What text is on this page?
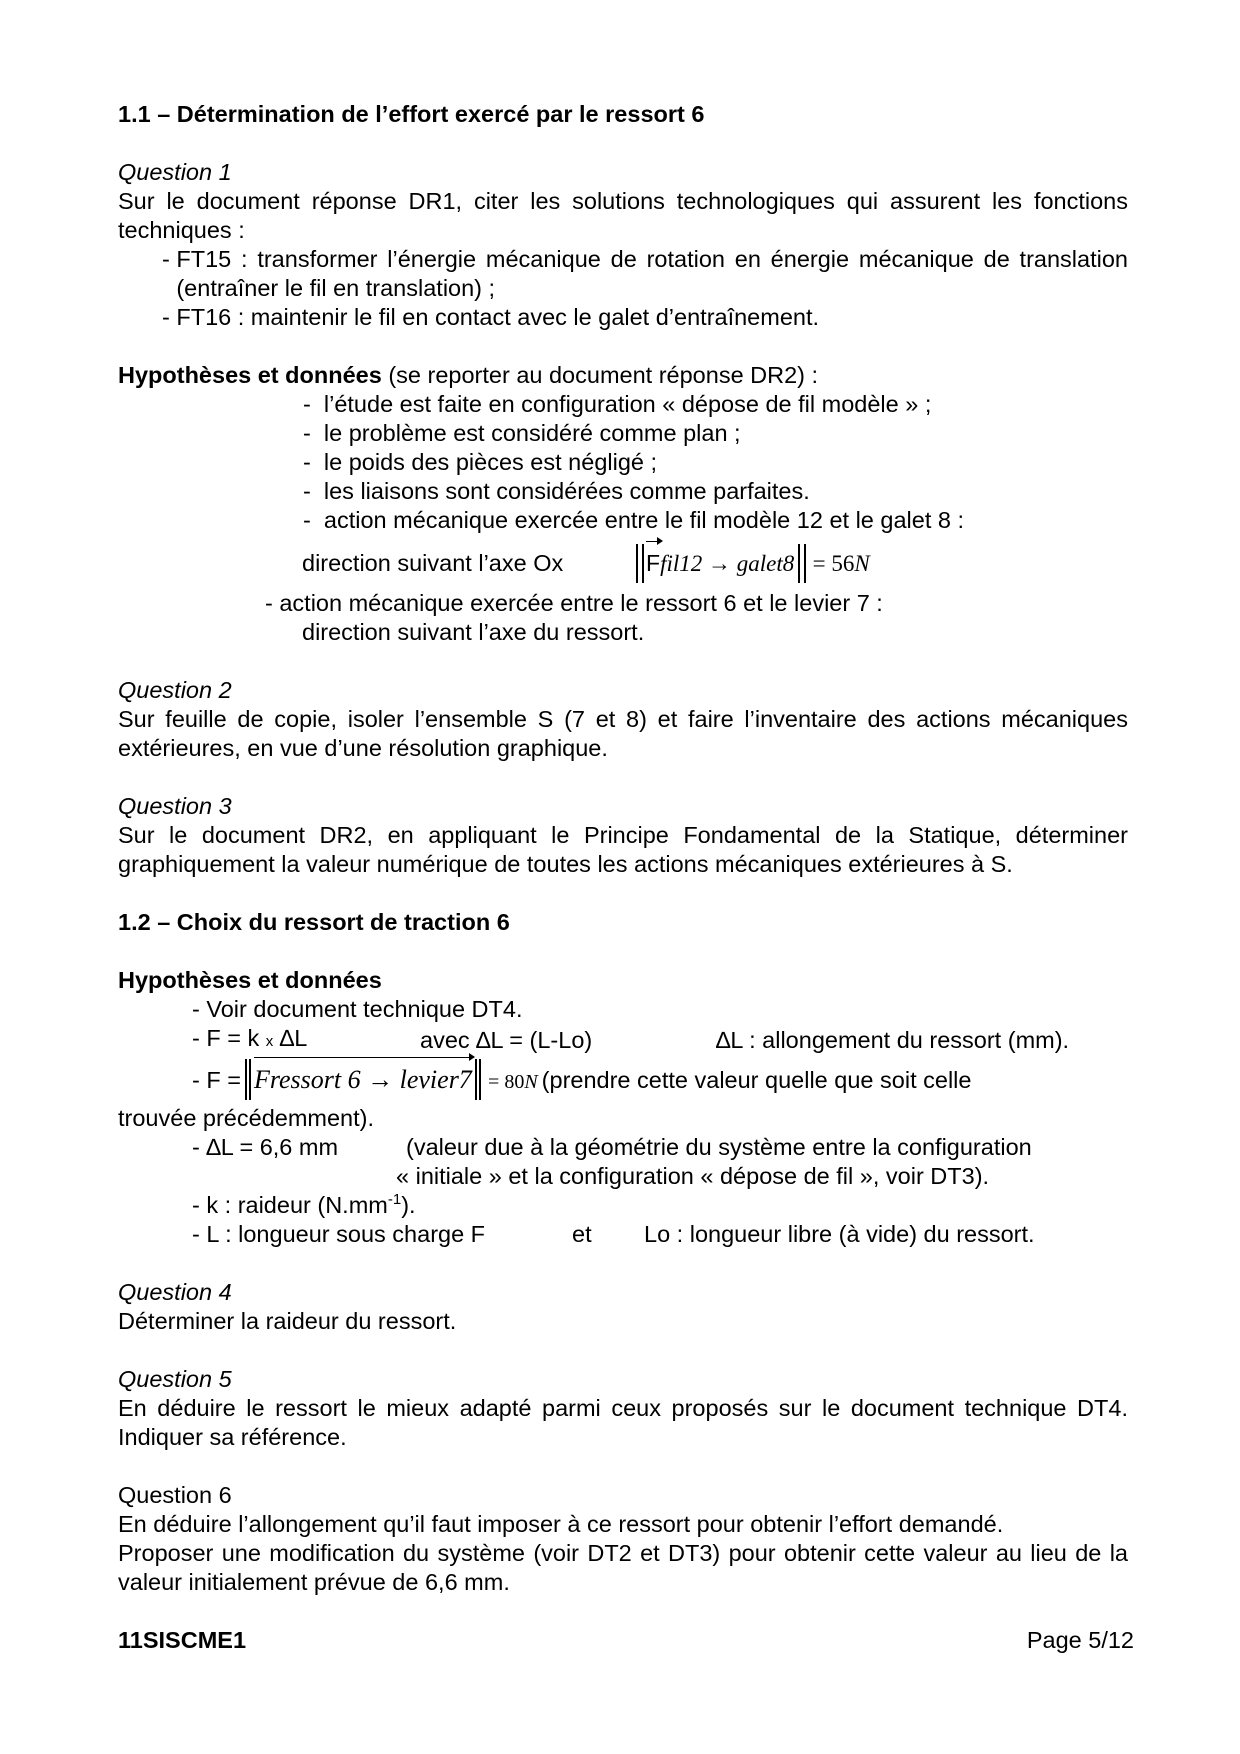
1.1 – Détermination de l’effort exercé par le ressort 6

Question 1

Sur le document réponse DR1, citer les solutions technologiques qui assurent les fonctions techniques :

- FT15 : transformer l’énergie mécanique de rotation en énergie mécanique de translation (entraîner le fil en translation) ;
- FT16 : maintenir le fil en contact avec le galet d’entraînement.

Hypothèses et données (se reporter au document réponse DR2) :

- l’étude est faite en configuration « dépose de fil modèle » ;
- le problème est considéré comme plan ;
- le poids des pièces est négligé ;
- les liaisons sont considérées comme parfaites.
- action mécanique exercée entre le fil modèle 12 et le galet 8 :
direction suivant l’axe Ox	Ffil12 → galet8 = 56N

- action mécanique exercée entre le ressort 6 et le levier 7 :

direction suivant l’axe du ressort.

Question 2

Sur feuille de copie, isoler l’ensemble S (7 et 8) et faire l’inventaire des actions mécaniques extérieures, en vue d’une résolution graphique.

Question 3

Sur le document DR2, en appliquant le Principe Fondamental de la Statique, déterminer graphiquement la valeur numérique de toutes les actions mécaniques extérieures à S.

1.2 – Choix du ressort de traction 6

Hypothèses et données

- Voir document technique DT4.

- F = k x ∆L	avec ∆L = (L-Lo)	∆L : allongement du ressort (mm).
- F = Fressort 6 → levier7 = 80N (prendre cette valeur quelle que soit celle

trouvée précédemment).

- ∆L = 6,6 mm	(valeur due à la géométrie du système entre la configuration

« initiale » et la configuration « dépose de fil », voir DT3).

- k : raideur $(N.mm^{-1})$.

- L : longueur sous charge F	et	Lo : longueur libre (à vide) du ressort.

Question 4

Déterminer la raideur du ressort.

Question 5

En déduire le ressort le mieux adapté parmi ceux proposés sur le document technique DT4. Indiquer sa référence.

Question 6

En déduire l’allongement qu’il faut imposer à ce ressort pour obtenir l’effort demandé.

Proposer une modification du système (voir DT2 et DT3) pour obtenir cette valeur au lieu de la valeur initialement prévue de 6,6 mm.

11SISCME1	Page 5/12
